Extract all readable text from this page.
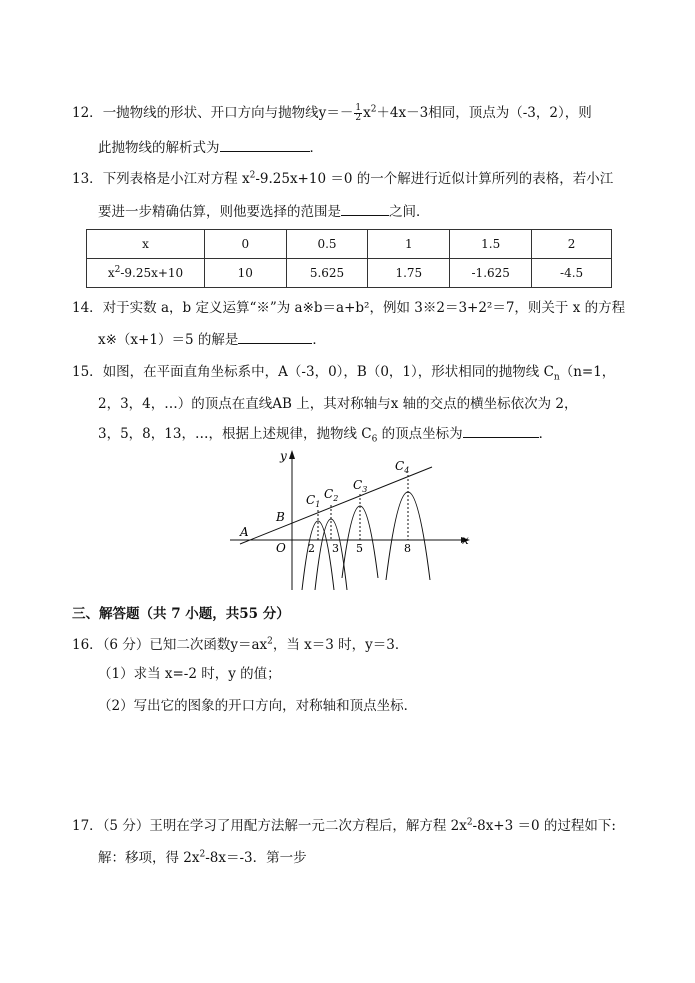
12．一抛物线的形状、开口方向与抛物线$y=- \frac{1}{2} x^2+4x-3$相同，顶点为（-3，2），则
此抛物线的解析式为	．
13．下列表格是小江对方程 $x^2-9.25x+10 =0$ 的一个解进行近似计算所列的表格，若小江
要进一步精确估算，则他要选择的范围是	之间．
x	0	0.5	1	1.5	2
$x^2-9.25x+10$	10	5.625	1.75	-1.625	-4.5
14．对于实数 a，b 定义运算“※”为 a※b＝a+b²，例如 3※2＝3+2²＝7，则关于 x 的方程
x※（x+1）＝5 的解是	．
15．如图，在平面直角坐标系中，A（-3，0），B（0，1），形状相同的抛物线 $C_n(n=1$，
2，3，4，…）的顶点在直线AB 上，其对称轴与x 轴的交点的横坐标依次为 2，
3，5，8，13，…，根据上述规律，抛物线 $C_6$ 的顶点坐标为	．
y
x
A
B
O
$C_1$
$C_2$
$C_3$
$C_4$
2 3 5	8
三、解答题（共 7 小题，共55 分）
16．（6 分）已知二次函数$y=ax^2$，当 x＝3 时，y＝3．
（1）求当 x=-2 时，y 的值；
（2）写出它的图象的开口方向，对称轴和顶点坐标．
17．（5 分）王明在学习了用配方法解一元二次方程后，解方程 $2x^2-8x+3 =0$ 的过程如下:
解：移项，得 $2x^2-8x=-3$．第一步
